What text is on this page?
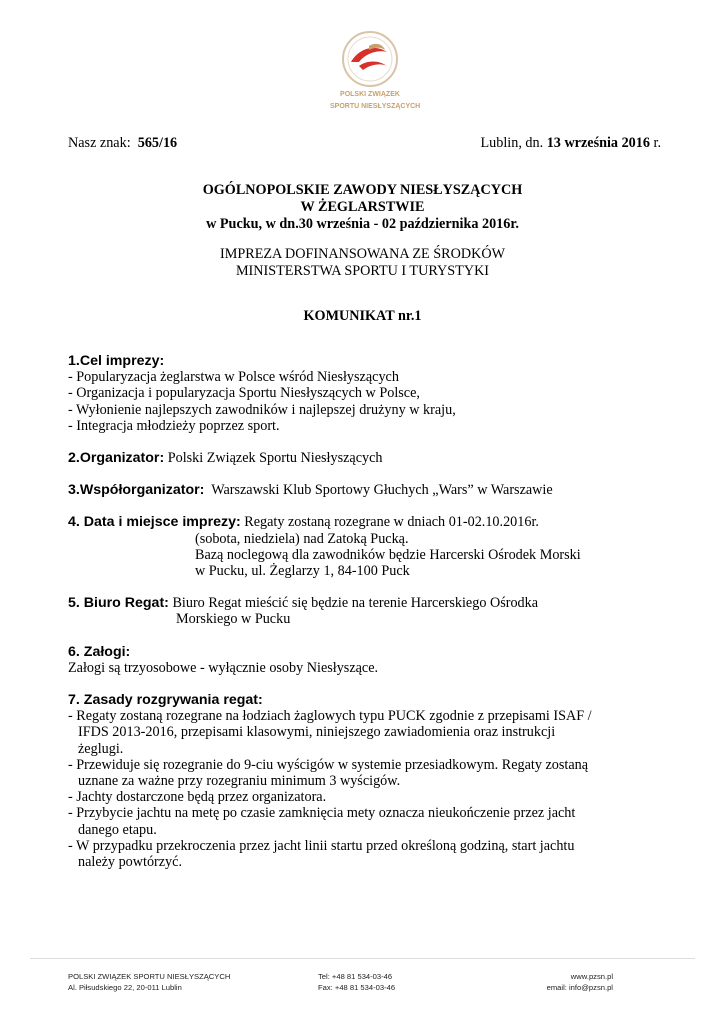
POLSKI ZWIĄZEK
SPORTU NIESŁYSZĄCYCH
Nasz znak: 565/16	Lublin, dn. 13 września 2016 r.
OGÓLNOPOLSKIE ZAWODY NIESŁYSZĄCYCH
W ŻEGLARSTWIE
w Pucku, w dn.30 września - 02 października 2016r.
IMPREZA DOFINANSOWANA ZE ŚRODKÓW
MINISTERSTWA SPORTU I TURYSTYKI
KOMUNIKAT nr.1

1.Cel imprezy:

- Popularyzacja żeglarstwa w Polsce wśród Niesłyszących

- Organizacja i popularyzacja Sportu Niesłyszących w Polsce,

- Wyłonienie najlepszych zawodników i najlepszej drużyny w kraju,

- Integracja młodzieży poprzez sport.

2.Organizator: Polski Związek Sportu Niesłyszących

3.Współorganizator:  Warszawski Klub Sportowy Głuchych „Wars” w Warszawie

4. Data i miejsce imprezy: Regaty zostaną rozegrane w dniach 01-02.10.2016r.

(sobota, niedziela) nad Zatoką Pucką.

Bazą noclegową dla zawodników będzie Harcerski Ośrodek Morski

w Pucku, ul. Żeglarzy 1, 84-100 Puck

5. Biuro Regat: Biuro Regat mieścić się będzie na terenie Harcerskiego Ośrodka

Morskiego w Pucku

6. Załogi:

Załogi są trzyosobowe - wyłącznie osoby Niesłyszące.

7. Zasady rozgrywania regat:

- Regaty zostaną rozegrane na łodziach żaglowych typu PUCK zgodnie z przepisami ISAF /

IFDS 2013-2016, przepisami klasowymi, niniejszego zawiadomienia oraz instrukcji

żeglugi.

- Przewiduje się rozegranie do 9-ciu wyścigów w systemie przesiadkowym. Regaty zostaną

uznane za ważne przy rozegraniu minimum 3 wyścigów.

- Jachty dostarczone będą przez organizatora.

- Przybycie jachtu na metę po czasie zamknięcia mety oznacza nieukończenie przez jacht

danego etapu.

- W przypadku przekroczenia przez jacht linii startu przed określoną godziną, start jachtu

należy powtórzyć.

POLSKI ZWIĄZEK SPORTU NIESŁYSZĄCYCH
Al. Piłsudskiego 22, 20-011 Lublin
Tel: +48 81 534-03-46
Fax: +48 81 534-03-46
www.pzsn.pl
email: info@pzsn.pl
